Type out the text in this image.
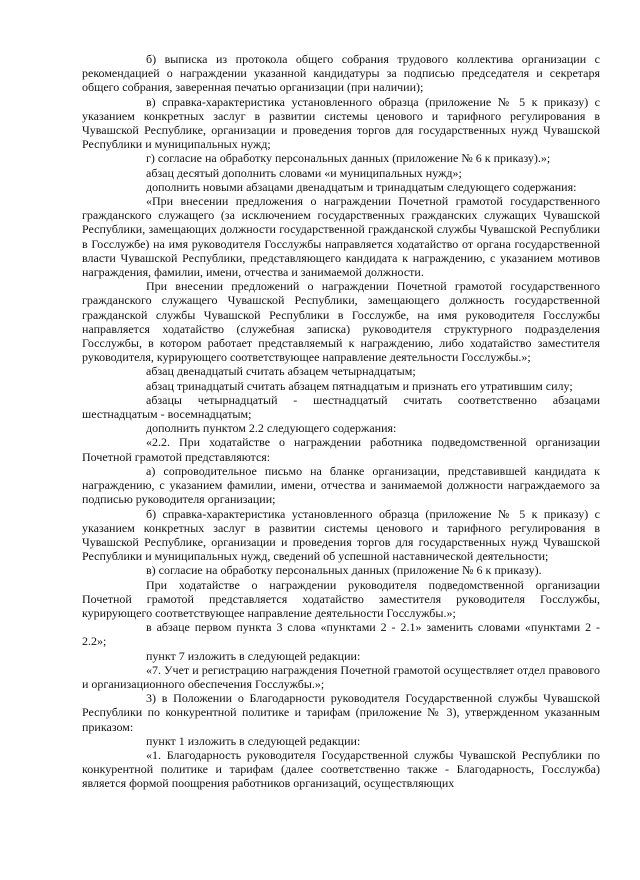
б) выписка из протокола общего собрания трудового коллектива организации с рекомендацией о награждении указанной кандидатуры за подписью председателя и секретаря общего собрания, заверенная печатью организации (при наличии);

в) справка-характеристика установленного образца (приложение № 5 к приказу) с указанием конкретных заслуг в развитии системы ценового и тарифного регулирования в Чувашской Республике, организации и проведения торгов для государственных нужд Чувашской Республики и муниципальных нужд;

г) согласие на обработку персональных данных (приложение № 6 к приказу).»;

абзац десятый дополнить словами «и муниципальных нужд»;

дополнить новыми абзацами двенадцатым и тринадцатым следующего содержания:

«При внесении предложения о награждении Почетной грамотой государственного гражданского служащего (за исключением государственных гражданских служащих Чувашской Республики, замещающих должности государственной гражданской службы Чувашской Республики в Госслужбе) на имя руководителя Госслужбы направляется ходатайство от органа государственной власти Чувашской Республики, представляющего кандидата к награждению, с указанием мотивов награждения, фамилии, имени, отчества и занимаемой должности.

При внесении предложений о награждении Почетной грамотой государственного гражданского служащего Чувашской Республики, замещающего должность государственной гражданской службы Чувашской Республики в Госслужбе, на имя руководителя Госслужбы направляется ходатайство (служебная записка) руководителя структурного подразделения Госслужбы, в котором работает представляемый к награждению, либо ходатайство заместителя руководителя, курирующего соответствующее направление деятельности Госслужбы.»;

абзац двенадцатый считать абзацем четырнадцатым;

абзац тринадцатый считать абзацем пятнадцатым и признать его утратившим силу;

абзацы четырнадцатый - шестнадцатый считать соответственно абзацами шестнадцатым - восемнадцатым;

дополнить пунктом 2.2 следующего содержания:

«2.2. При ходатайстве о награждении работника подведомственной организации Почетной грамотой представляются:

а) сопроводительное письмо на бланке организации, представившей кандидата к награждению, с указанием фамилии, имени, отчества и занимаемой должности награждаемого за подписью руководителя организации;

б) справка-характеристика установленного образца (приложение № 5 к приказу) с указанием конкретных заслуг в развитии системы ценового и тарифного регулирования в Чувашской Республике, организации и проведения торгов для государственных нужд Чувашской Республики и муниципальных нужд, сведений об успешной наставнической деятельности;

в) согласие на обработку персональных данных (приложение № 6 к приказу).

При ходатайстве о награждении руководителя подведомственной организации Почетной грамотой представляется ходатайство заместителя руководителя Госслужбы, курирующего соответствующее направление деятельности Госслужбы.»;

в абзаце первом пункта 3 слова «пунктами 2 - 2.1» заменить словами «пунктами 2 - 2.2»;

пункт 7 изложить в следующей редакции:

«7. Учет и регистрацию награждения Почетной грамотой осуществляет отдел правового и организационного обеспечения Госслужбы.»;

3) в Положении о Благодарности руководителя Государственной службы Чувашской Республики по конкурентной политике и тарифам (приложение № 3), утвержденном указанным приказом:

пункт 1 изложить в следующей редакции:

«1. Благодарность руководителя Государственной службы Чувашской Республики по конкурентной политике и тарифам (далее соответственно также - Благодарность, Госслужба) является формой поощрения работников организаций, осуществляющих
